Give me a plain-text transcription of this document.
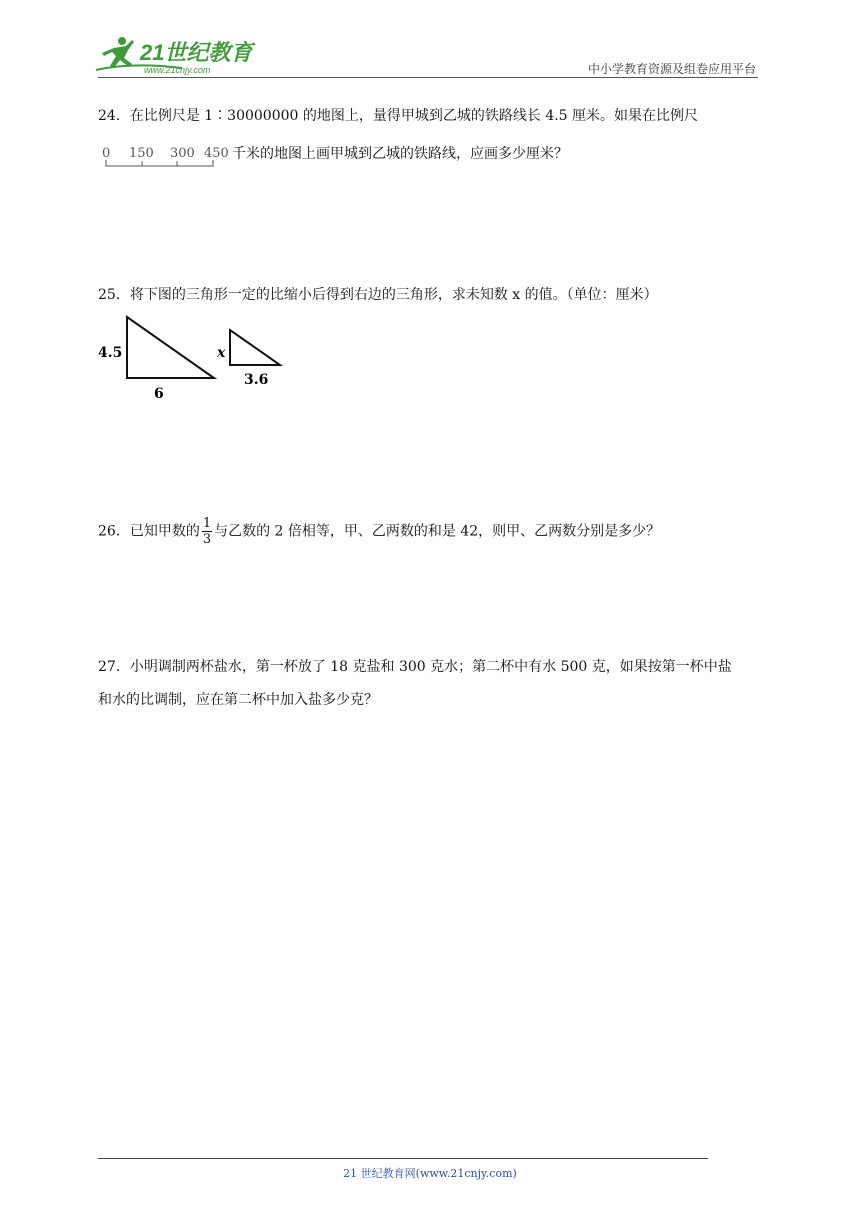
21世纪教育
www.21cnjy.com	中小学教育资源及组卷应用平台
24．在比例尺是 1∶30000000 的地图上，量得甲城到乙城的铁路线长 4.5 厘米。如果在比例尺
0 150 300 450 千米的地图上画甲城到乙城的铁路线，应画多少厘米？
25．将下图的三角形一定的比缩小后得到右边的三角形，求未知数 x 的值。（单位：厘米）
4.5
6
x
3.6
26．已知甲数的 $\frac{1}{3}$ 与乙数的 2 倍相等，甲、乙两数的和是 42，则甲、乙两数分别是多少？
27．小明调制两杯盐水，第一杯放了 18 克盐和 300 克水；第二杯中有水 500 克，如果按第一杯中盐
和水的比调制，应在第二杯中加入盐多少克？
21 世纪教育网(www.21cnjy.com)
